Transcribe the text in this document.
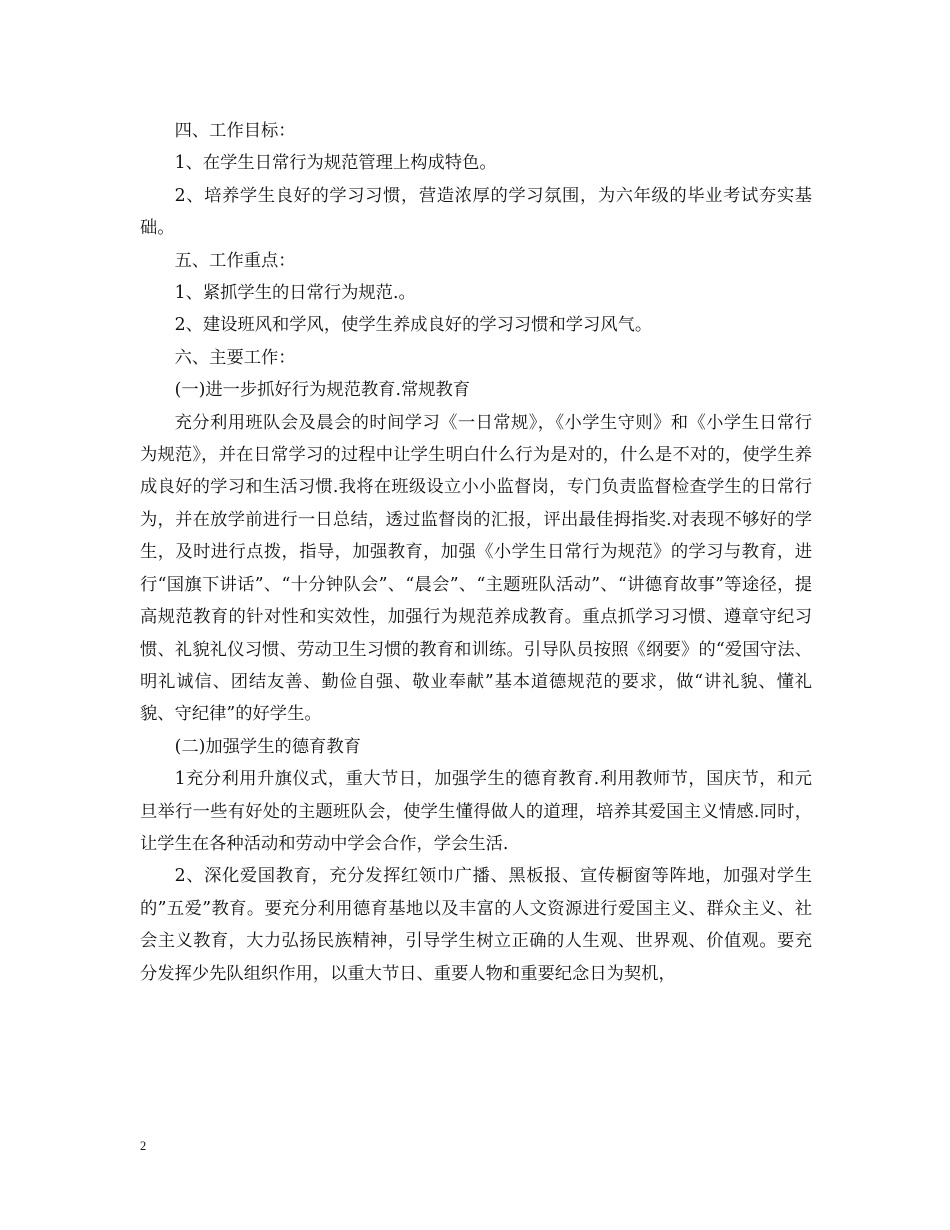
四、工作目标：

1、在学生日常行为规范管理上构成特色。

2、培养学生良好的学习习惯，营造浓厚的学习氛围，为六年级的毕业考试夯实基础。

五、工作重点：

1、紧抓学生的日常行为规范.。

2、建设班风和学风，使学生养成良好的学习习惯和学习风气。

六、主要工作：

(一)进一步抓好行为规范教育.常规教育

充分利用班队会及晨会的时间学习《一日常规》，《小学生守则》和《小学生日常行为规范》，并在日常学习的过程中让学生明白什么行为是对的，什么是不对的，使学生养成良好的学习和生活习惯.我将在班级设立小小监督岗，专门负责监督检查学生的日常行为，并在放学前进行一日总结，透过监督岗的汇报，评出最佳拇指奖.对表现不够好的学生，及时进行点拨，指导，加强教育，加强《小学生日常行为规范》的学习与教育，进行“国旗下讲话”、“十分钟队会”、“晨会”、“主题班队活动”、“讲德育故事”等途径，提高规范教育的针对性和实效性，加强行为规范养成教育。重点抓学习习惯、遵章守纪习惯、礼貌礼仪习惯、劳动卫生习惯的教育和训练。引导队员按照《纲要》的“爱国守法、明礼诚信、团结友善、勤俭自强、敬业奉献”基本道德规范的要求，做“讲礼貌、懂礼貌、守纪律”的好学生。

(二)加强学生的德育教育

1充分利用升旗仪式，重大节日，加强学生的德育教育.利用教师节，国庆节，和元旦举行一些有好处的主题班队会，使学生懂得做人的道理，培养其爱国主义情感.同时，让学生在各种活动和劳动中学会合作，学会生活.

2、深化爱国教育，充分发挥红领巾广播、黑板报、宣传橱窗等阵地，加强对学生的”五爱”教育。要充分利用德育基地以及丰富的人文资源进行爱国主义、群众主义、社会主义教育，大力弘扬民族精神，引导学生树立正确的人生观、世界观、价值观。要充分发挥少先队组织作用，以重大节日、重要人物和重要纪念日为契机，

2
